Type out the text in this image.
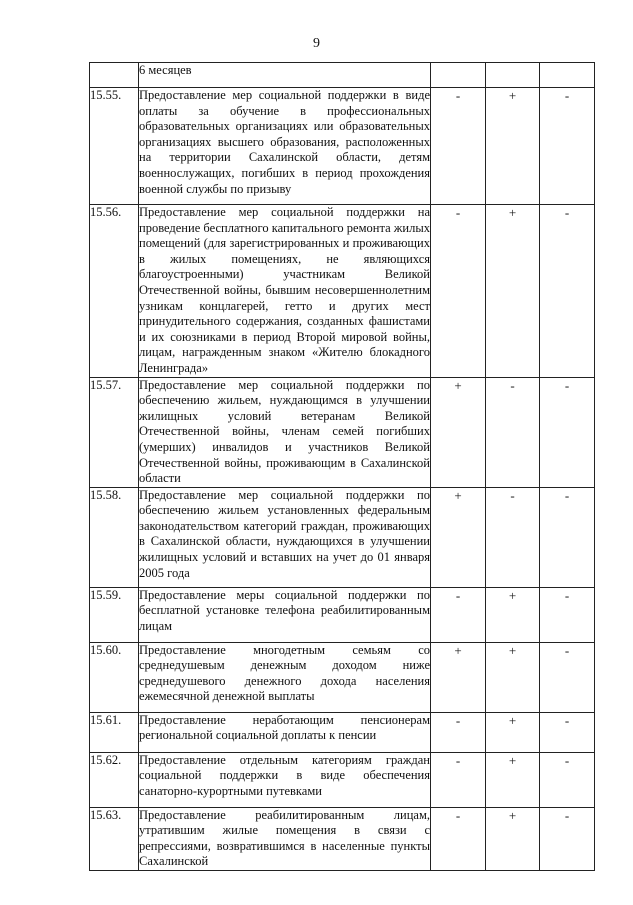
9
	6 месяцев			
15.55.	Предоставление мер социальной поддержки в виде оплаты за обучение в профессиональных образовательных организациях или образовательных организациях высшего образования, расположенных на территории Сахалинской области, детям военнослужащих, погибших в период прохождения военной службы по призыву	-	+	-
15.56.	Предоставление мер социальной поддержки на проведение бесплатного капитального ремонта жилых помещений (для зарегистрированных и проживающих в жилых помещениях, не являющихся благоустроенными) участникам Великой Отечественной войны, бывшим несовершеннолетним узникам концлагерей, гетто и других мест принудительного содержания, созданных фашистами и их союзниками в период Второй мировой войны, лицам, награжденным знаком «Жителю блокадного Ленинграда»	-	+	-
15.57.	Предоставление мер социальной поддержки по обеспечению жильем, нуждающимся в улучшении жилищных условий ветеранам Великой Отечественной войны, членам семей погибших (умерших) инвалидов и участников Великой Отечественной войны, проживающим в Сахалинской области	+	-	-
15.58.	Предоставление мер социальной поддержки по обеспечению жильем установленных федеральным законодательством категорий граждан, проживающих в Сахалинской области, нуждающихся в улучшении жилищных условий и вставших на учет до 01 января 2005 года	+	-	-
15.59.	Предоставление меры социальной поддержки по бесплатной установке телефона реабилитированным лицам	-	+	-
15.60.	Предоставление многодетным семьям со среднедушевым денежным доходом ниже среднедушевого денежного дохода населения ежемесячной денежной выплаты	+	+	-
15.61.	Предоставление неработающим пенсионерам региональной социальной доплаты к пенсии	-	+	-
15.62.	Предоставление отдельным категориям граждан социальной поддержки в виде обеспечения санаторно-курортными путевками	-	+	-
15.63.	Предоставление реабилитированным лицам, утратившим жилые помещения в связи с репрессиями, возвратившимся в населенные пункты Сахалинской	-	+	-
